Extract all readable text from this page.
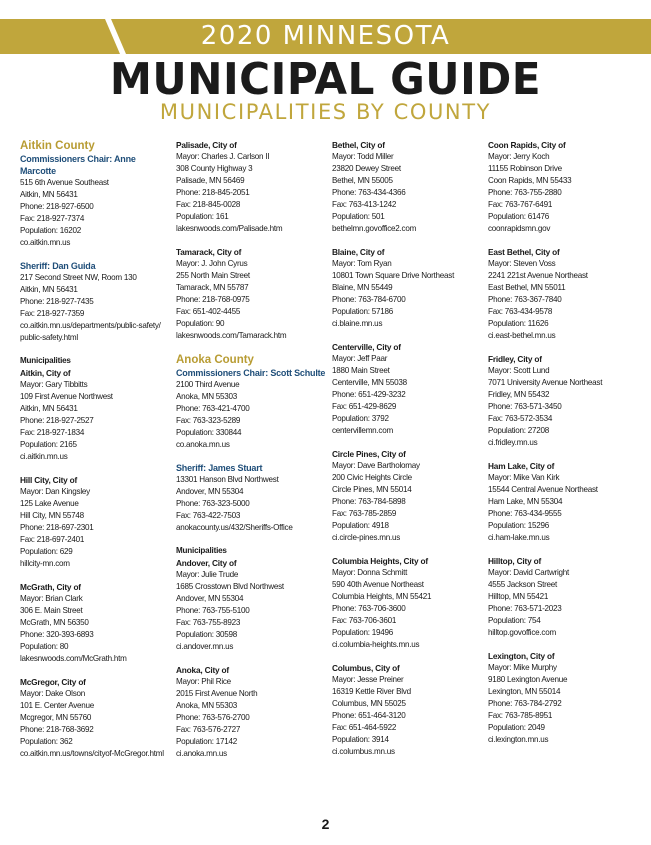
2020 MINNESOTA
MUNICIPAL GUIDE
MUNICIPALITIES BY COUNTY
Aitkin County
Commissioners Chair: Anne Marcotte
515 6th Avenue Southeast
Aitkin, MN 56431
Phone: 218-927-6500
Fax: 218-927-7374
Population: 16202
co.aitkin.mn.us
Sheriff: Dan Guida
217 Second Street NW, Room 130
Aitkin, MN 56431
Phone: 218-927-7435
Fax: 218-927-7359
co.aitkin.mn.us/departments/public-safety/
public-safety.html
Municipalities
Aitkin, City of
Mayor: Gary Tibbitts
109 First Avenue Northwest
Aitkin, MN 56431
Phone: 218-927-2527
Fax: 218-927-1834
Population: 2165
ci.aitkin.mn.us
Hill City, City of
Mayor: Dan Kingsley
125 Lake Avenue
Hill City, MN 55748
Phone: 218-697-2301
Fax: 218-697-2401
Population: 629
hillcity-mn.com
McGrath, City of
Mayor: Brian Clark
306 E. Main Street
McGrath, MN 56350
Phone: 320-393-6893
Population: 80
lakesnwoods.com/McGrath.htm
McGregor, City of
Mayor: Dake Olson
101 E. Center Avenue
Mcgregor, MN 55760
Phone: 218-768-3692
Population: 362
co.aitkin.mn.us/towns/cityof-McGregor.html
Palisade, City of
Mayor: Charles J. Carlson II
308 County Highway 3
Palisade, MN 56469
Phone: 218-845-2051
Fax: 218-845-0028
Population: 161
lakesnwoods.com/Palisade.htm
Tamarack, City of
Mayor: J. John Cyrus
255 North Main Street
Tamarack, MN 55787
Phone: 218-768-0975
Fax: 651-402-4455
Population: 90
lakesnwoods.com/Tamarack.htm
Anoka County
Commissioners Chair: Scott Schulte
2100 Third Avenue
Anoka, MN 55303
Phone: 763-421-4700
Fax: 763-323-5289
Population: 330844
co.anoka.mn.us
Sheriff: James Stuart
13301 Hanson Blvd Northwest
Andover, MN 55304
Phone: 763-323-5000
Fax: 763-422-7503
anokacounty.us/432/Sheriffs-Office
Municipalities
Andover, City of
Mayor: Julie Trude
1685 Crosstown Blvd Northwest
Andover, MN 55304
Phone: 763-755-5100
Fax: 763-755-8923
Population: 30598
ci.andover.mn.us
Anoka, City of
Mayor: Phil Rice
2015 First Avenue North
Anoka, MN 55303
Phone: 763-576-2700
Fax: 763-576-2727
Population: 17142
ci.anoka.mn.us
Bethel, City of
Mayor: Todd Miller
23820 Dewey Street
Bethel, MN 55005
Phone: 763-434-4366
Fax: 763-413-1242
Population: 501
bethelmn.govoffice2.com
Blaine, City of
Mayor: Tom Ryan
10801 Town Square Drive Northeast
Blaine, MN 55449
Phone: 763-784-6700
Population: 57186
ci.blaine.mn.us
Centerville, City of
Mayor: Jeff Paar
1880 Main Street
Centerville, MN 55038
Phone: 651-429-3232
Fax: 651-429-8629
Population: 3792
centervillemn.com
Circle Pines, City of
Mayor: Dave Bartholomay
200 Civic Heights Circle
Circle Pines, MN 55014
Phone: 763-784-5898
Fax: 763-785-2859
Population: 4918
ci.circle-pines.mn.us
Columbia Heights, City of
Mayor: Donna Schmitt
590 40th Avenue Northeast
Columbia Heights, MN 55421
Phone: 763-706-3600
Fax: 763-706-3601
Population: 19496
ci.columbia-heights.mn.us
Columbus, City of
Mayor: Jesse Preiner
16319 Kettle River Blvd
Columbus, MN 55025
Phone: 651-464-3120
Fax: 651-464-5922
Population: 3914
ci.columbus.mn.us
Coon Rapids, City of
Mayor: Jerry Koch
11155 Robinson Drive
Coon Rapids, MN 55433
Phone: 763-755-2880
Fax: 763-767-6491
Population: 61476
coonrapidsmn.gov
East Bethel, City of
Mayor: Steven Voss
2241 221st Avenue Northeast
East Bethel, MN 55011
Phone: 763-367-7840
Fax: 763-434-9578
Population: 11626
ci.east-bethel.mn.us
Fridley, City of
Mayor: Scott Lund
7071 University Avenue Northeast
Fridley, MN 55432
Phone: 763-571-3450
Fax: 763-572-3534
Population: 27208
ci.fridley.mn.us
Ham Lake, City of
Mayor: Mike Van Kirk
15544 Central Avenue Northeast
Ham Lake, MN 55304
Phone: 763-434-9555
Population: 15296
ci.ham-lake.mn.us
Hilltop, City of
Mayor: David Cartwright
4555 Jackson Street
Hilltop, MN 55421
Phone: 763-571-2023
Population: 754
hilltop.govoffice.com
Lexington, City of
Mayor: Mike Murphy
9180 Lexington Avenue
Lexington, MN 55014
Phone: 763-784-2792
Fax: 763-785-8951
Population: 2049
ci.lexington.mn.us
2
